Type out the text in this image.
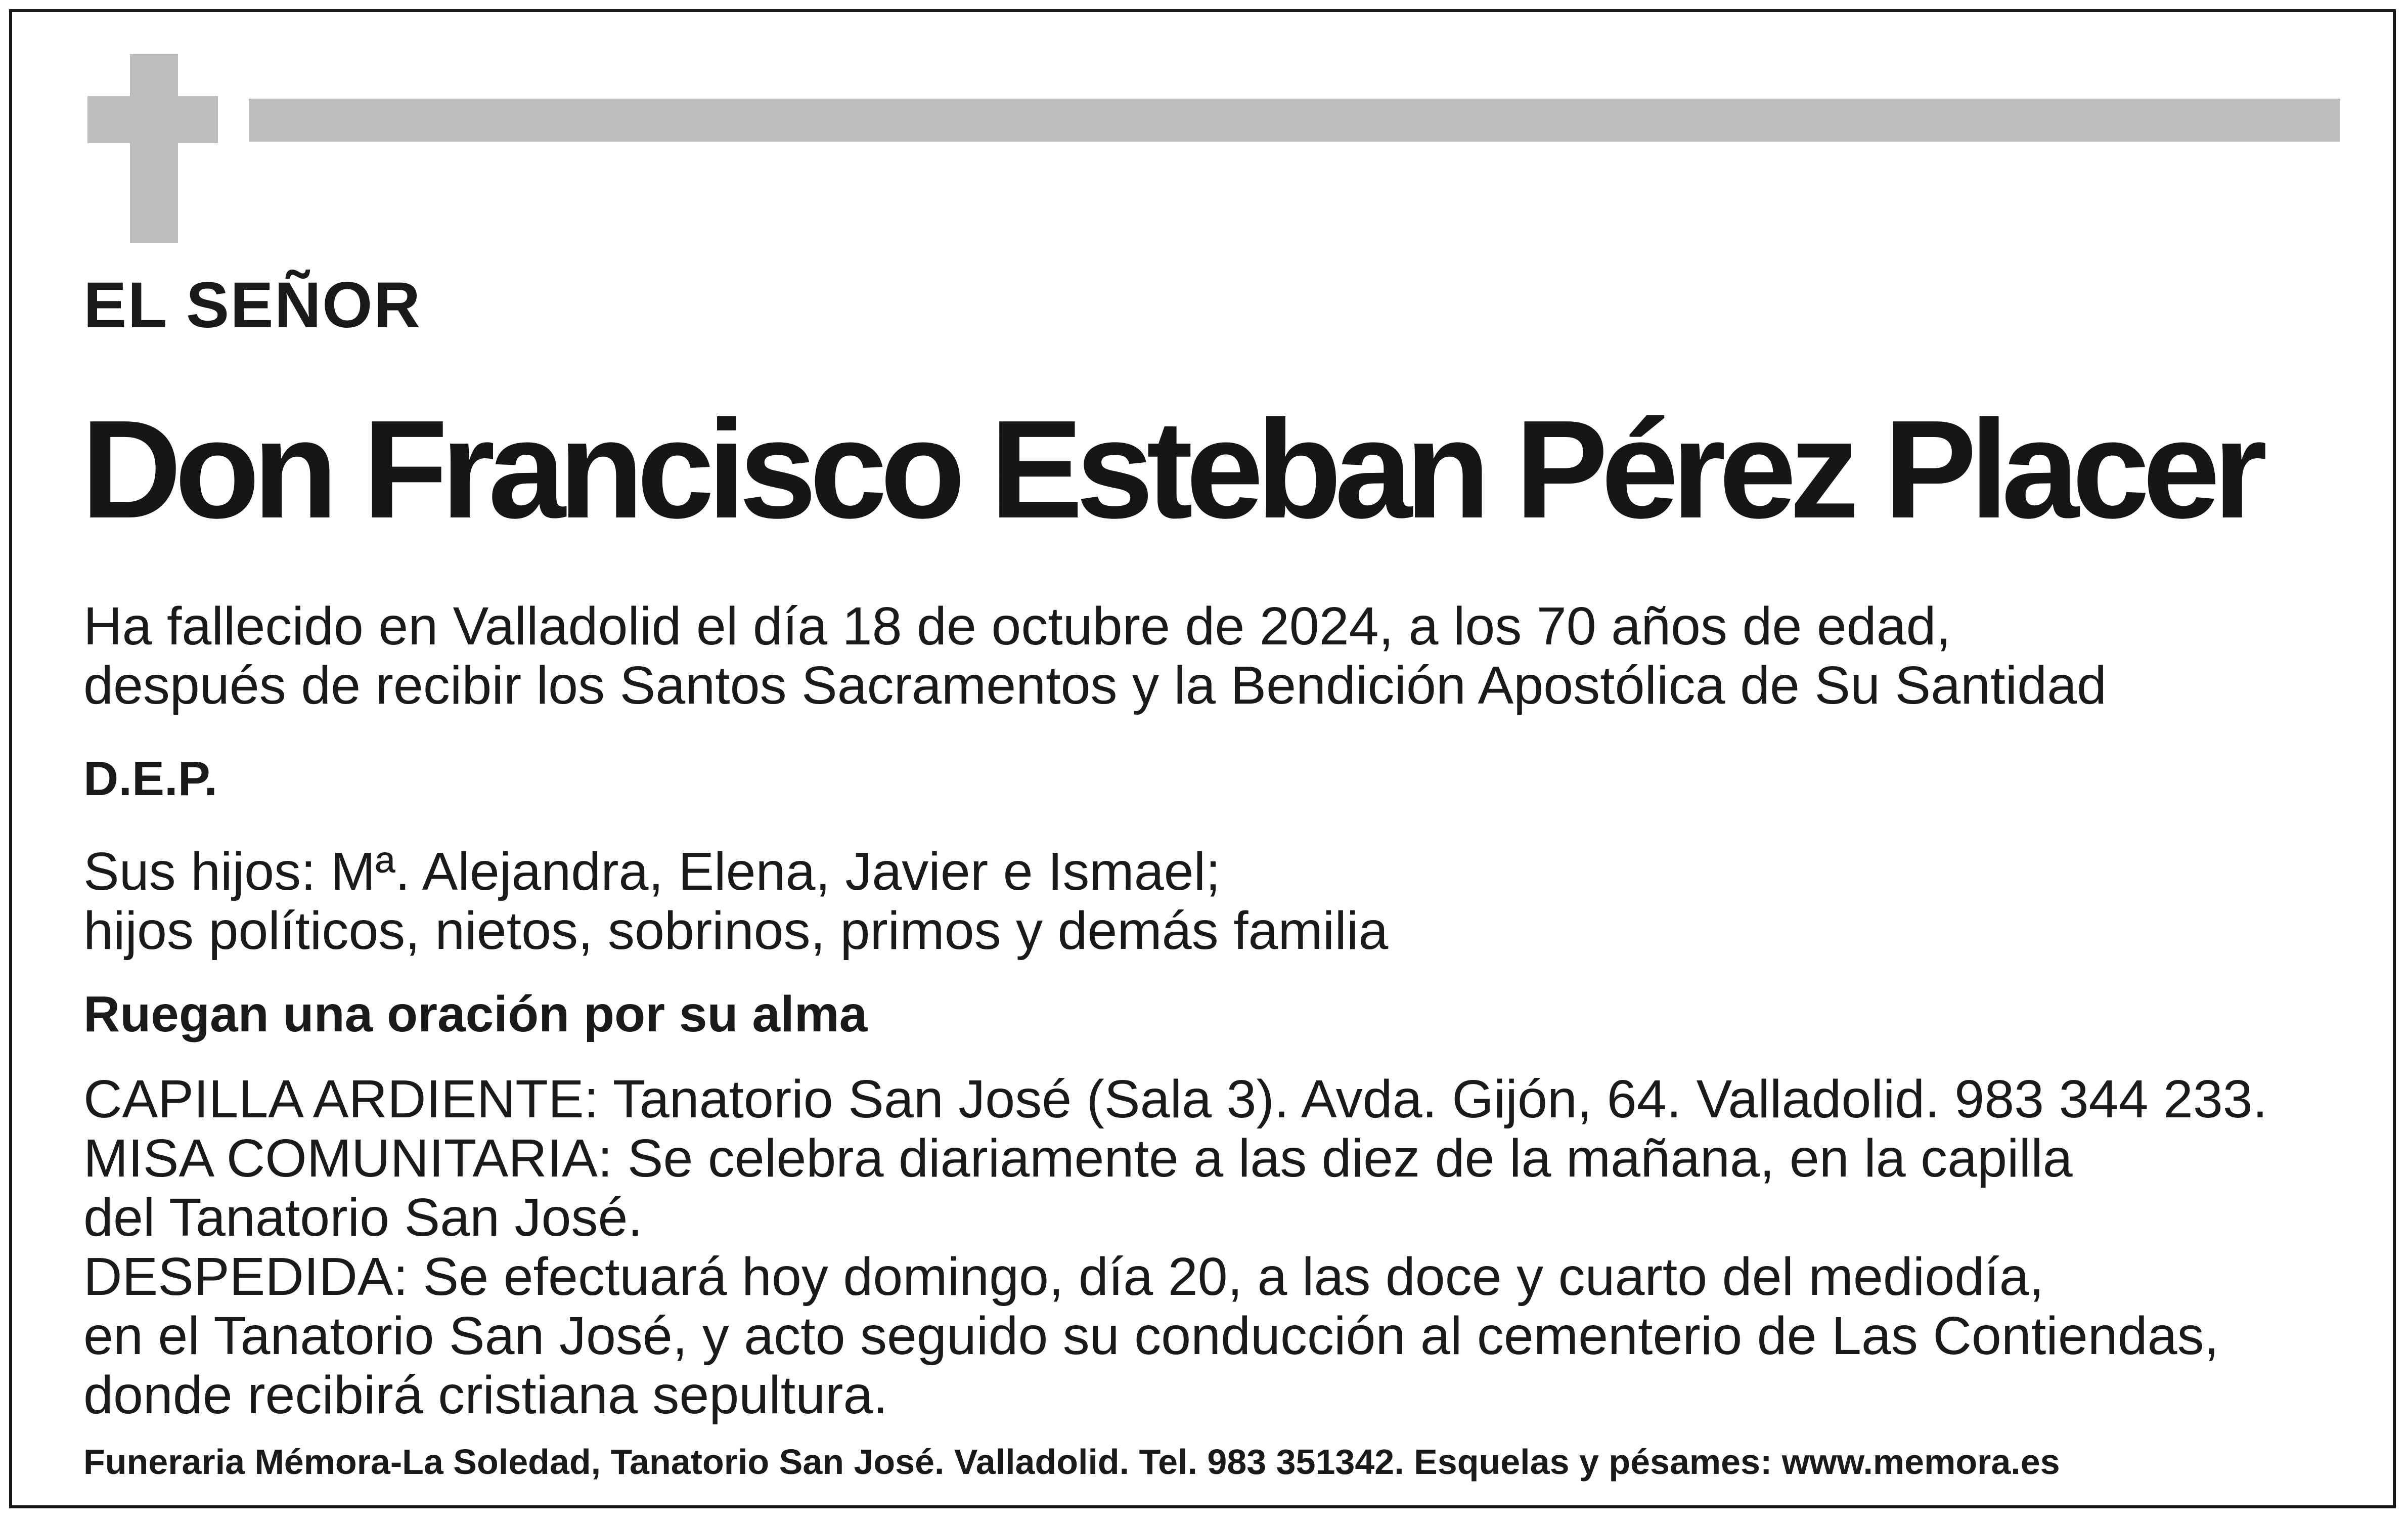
EL SEÑOR
Don Francisco Esteban Pérez Placer
Ha fallecido en Valladolid el día 18 de octubre de 2024, a los 70 años de edad,
después de recibir los Santos Sacramentos y la Bendición Apostólica de Su Santidad
D.E.P.
Sus hijos: Mª. Alejandra, Elena, Javier e Ismael;
hijos políticos, nietos, sobrinos, primos y demás familia
Ruegan una oración por su alma
CAPILLA ARDIENTE: Tanatorio San José (Sala 3). Avda. Gijón, 64. Valladolid. 983 344 233.
MISA COMUNITARIA: Se celebra diariamente a las diez de la mañana, en la capilla
del Tanatorio San José.
DESPEDIDA: Se efectuará hoy domingo, día 20, a las doce y cuarto del mediodía,
en el Tanatorio San José, y acto seguido su conducción al cementerio de Las Contiendas,
donde recibirá cristiana sepultura.
Funeraria Mémora-La Soledad, Tanatorio San José. Valladolid. Tel. 983 351342. Esquelas y pésames: www.memora.es
